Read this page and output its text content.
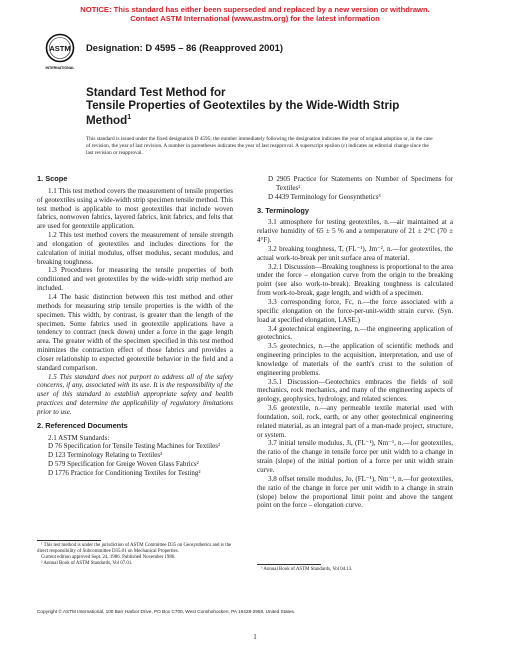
NOTICE: This standard has either been superseded and replaced by a new version or withdrawn.
Contact ASTM International (www.astm.org) for the latest information
ASTM
INTERNATIONAL
Designation: D 4595 – 86 (Reapproved 2001)
Standard Test Method for
Tensile Properties of Geotextiles by the Wide-Width Strip
Method$^1$
This standard is issued under the fixed designation D 4595; the number immediately following the designation indicates the year of original adoption or, in the case of revision, the year of last revision. A number in parentheses indicates the year of last reapproval. A superscript epsilon (ε) indicates an editorial change since the last revision or reapproval.
1. Scope

1.1 This test method covers the measurement of tensile properties of geotextiles using a wide-width strip specimen tensile method. This test method is applicable to most geotextiles that include woven fabrics, nonwoven fabrics, layered fabrics, knit fabrics, and felts that are used for geotextile application.

1.2 This test method covers the measurement of tensile strength and elongation of geotextiles and includes directions for the calculation of initial modulus, offset modulus, secant modulus, and breaking toughness.

1.3 Procedures for measuring the tensile properties of both conditioned and wet geotextiles by the wide-width strip method are included.

1.4 The basic distinction between this test method and other methods for measuring strip tensile properties is the width of the specimen. This width, by contrast, is greater than the length of the specimen. Some fabrics used in geotextile applications have a tendency to contract (neck down) under a force in the gage length area. The greater width of the specimen specified in this test method minimizes the contraction effect of those fabrics and provides a closer relationship to expected geotextile behavior in the field and a standard comparison.

1.5 This standard does not purport to address all of the safety concerns, if any, associated with its use. It is the responsibility of the user of this standard to establish appropriate safety and health practices and determine the applicability of regulatory limitations prior to use.

2. Referenced Documents

2.1 ASTM Standards:

D 76 Specification for Tensile Testing Machines for Textiles²

D 123 Terminology Relating to Textiles²

D 579 Specification for Greige Woven Glass Fabrics²

D 1776 Practice for Conditioning Textiles for Testing²

¹ This test method is under the jurisdiction of ASTM Committee D35 on Geosynthetics and is the direct responsibility of Subcommittee D35.01 on Mechanical Properties.
Current edition approved Sept. 24, 1986. Published November 1986.
² Annual Book of ASTM Standards, Vol 07.01.

D 2905 Practice for Statements on Number of Specimens for Textiles²

D 4439 Terminology for Geosynthetics³

3. Terminology

3.1 atmosphere for testing geotextiles, n.—air maintained at a relative humidity of 65 ± 5 % and a temperature of 21 ± 2°C (70 ± 4°F).

3.2 breaking toughness, T, (FL⁻¹), Jm⁻², n.—for geotextiles, the actual work-to-break per unit surface area of material.

3.2.1 Discussion—Breaking toughness is proportional to the area under the force – elongation curve from the origin to the breaking point (see also work-to-break). Breaking toughness is calculated from work-to-break, gage length, and width of a specimen.

3.3 corresponding force, Fc, n.—the force associated with a specific elongation on the force-per-unit-width strain curve. (Syn. load at specified elongation, LASE.)

3.4 geotechnical engineering, n.—the engineering application of geotechnics.

3.5 geotechnics, n.—the application of scientific methods and engineering principles to the acquisition, interpretation, and use of knowledge of materials of the earth's crust to the solution of engineering problems.

3.5.1 Discussion—Geotechnics embraces the fields of soil mechanics, rock mechanics, and many of the engineering aspects of geology, geophysics, hydrology, and related sciences.

3.6 geotextile, n.—any permeable textile material used with foundation, soil, rock, earth, or any other geotechnical engineering related material, as an integral part of a man-made project, structure, or system.

3.7 initial tensile modulus, Ji, (FL⁻¹), Nm⁻¹, n.—for geotextiles, the ratio of the change in tensile force per unit width to a change in strain (slope) of the initial portion of a force per unit width strain curve.

3.8 offset tensile modulus, Jo, (FL⁻¹), Nm⁻¹, n.—for geotextiles, the ratio of the change in force per unit width to a change in strain (slope) below the proportional limit point and above the tangent point on the force – elongation curve.

³ Annual Book of ASTM Standards, Vol 04.13.
Copyright © ASTM International, 100 Barr Harbor Drive, PO Box C700, West Conshohocken, PA 19428-2959, United States.
1
